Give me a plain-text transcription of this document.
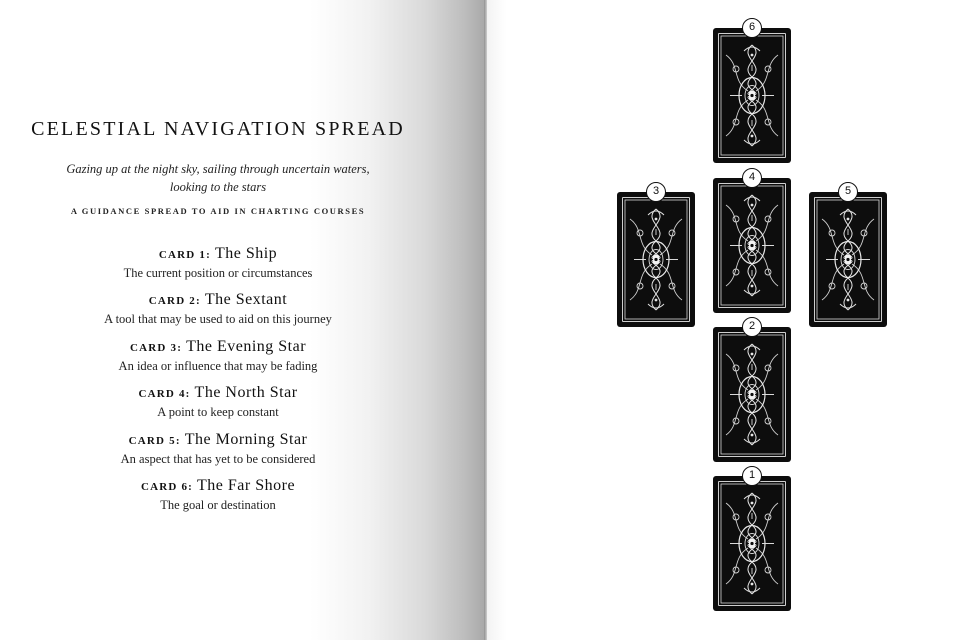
CELESTIAL NAVIGATION SPREAD
Gazing up at the night sky, sailing through uncertain waters,
looking to the stars
A GUIDANCE SPREAD TO AID IN CHARTING COURSES
CARD 1: The Ship
The current position or circumstances
CARD 2: The Sextant
A tool that may be used to aid on this journey
CARD 3: The Evening Star
An idea or influence that may be fading
CARD 4: The North Star
A point to keep constant
CARD 5: The Morning Star
An aspect that has yet to be considered
CARD 6: The Far Shore
The goal or destination
6
3
4
5
2
1
